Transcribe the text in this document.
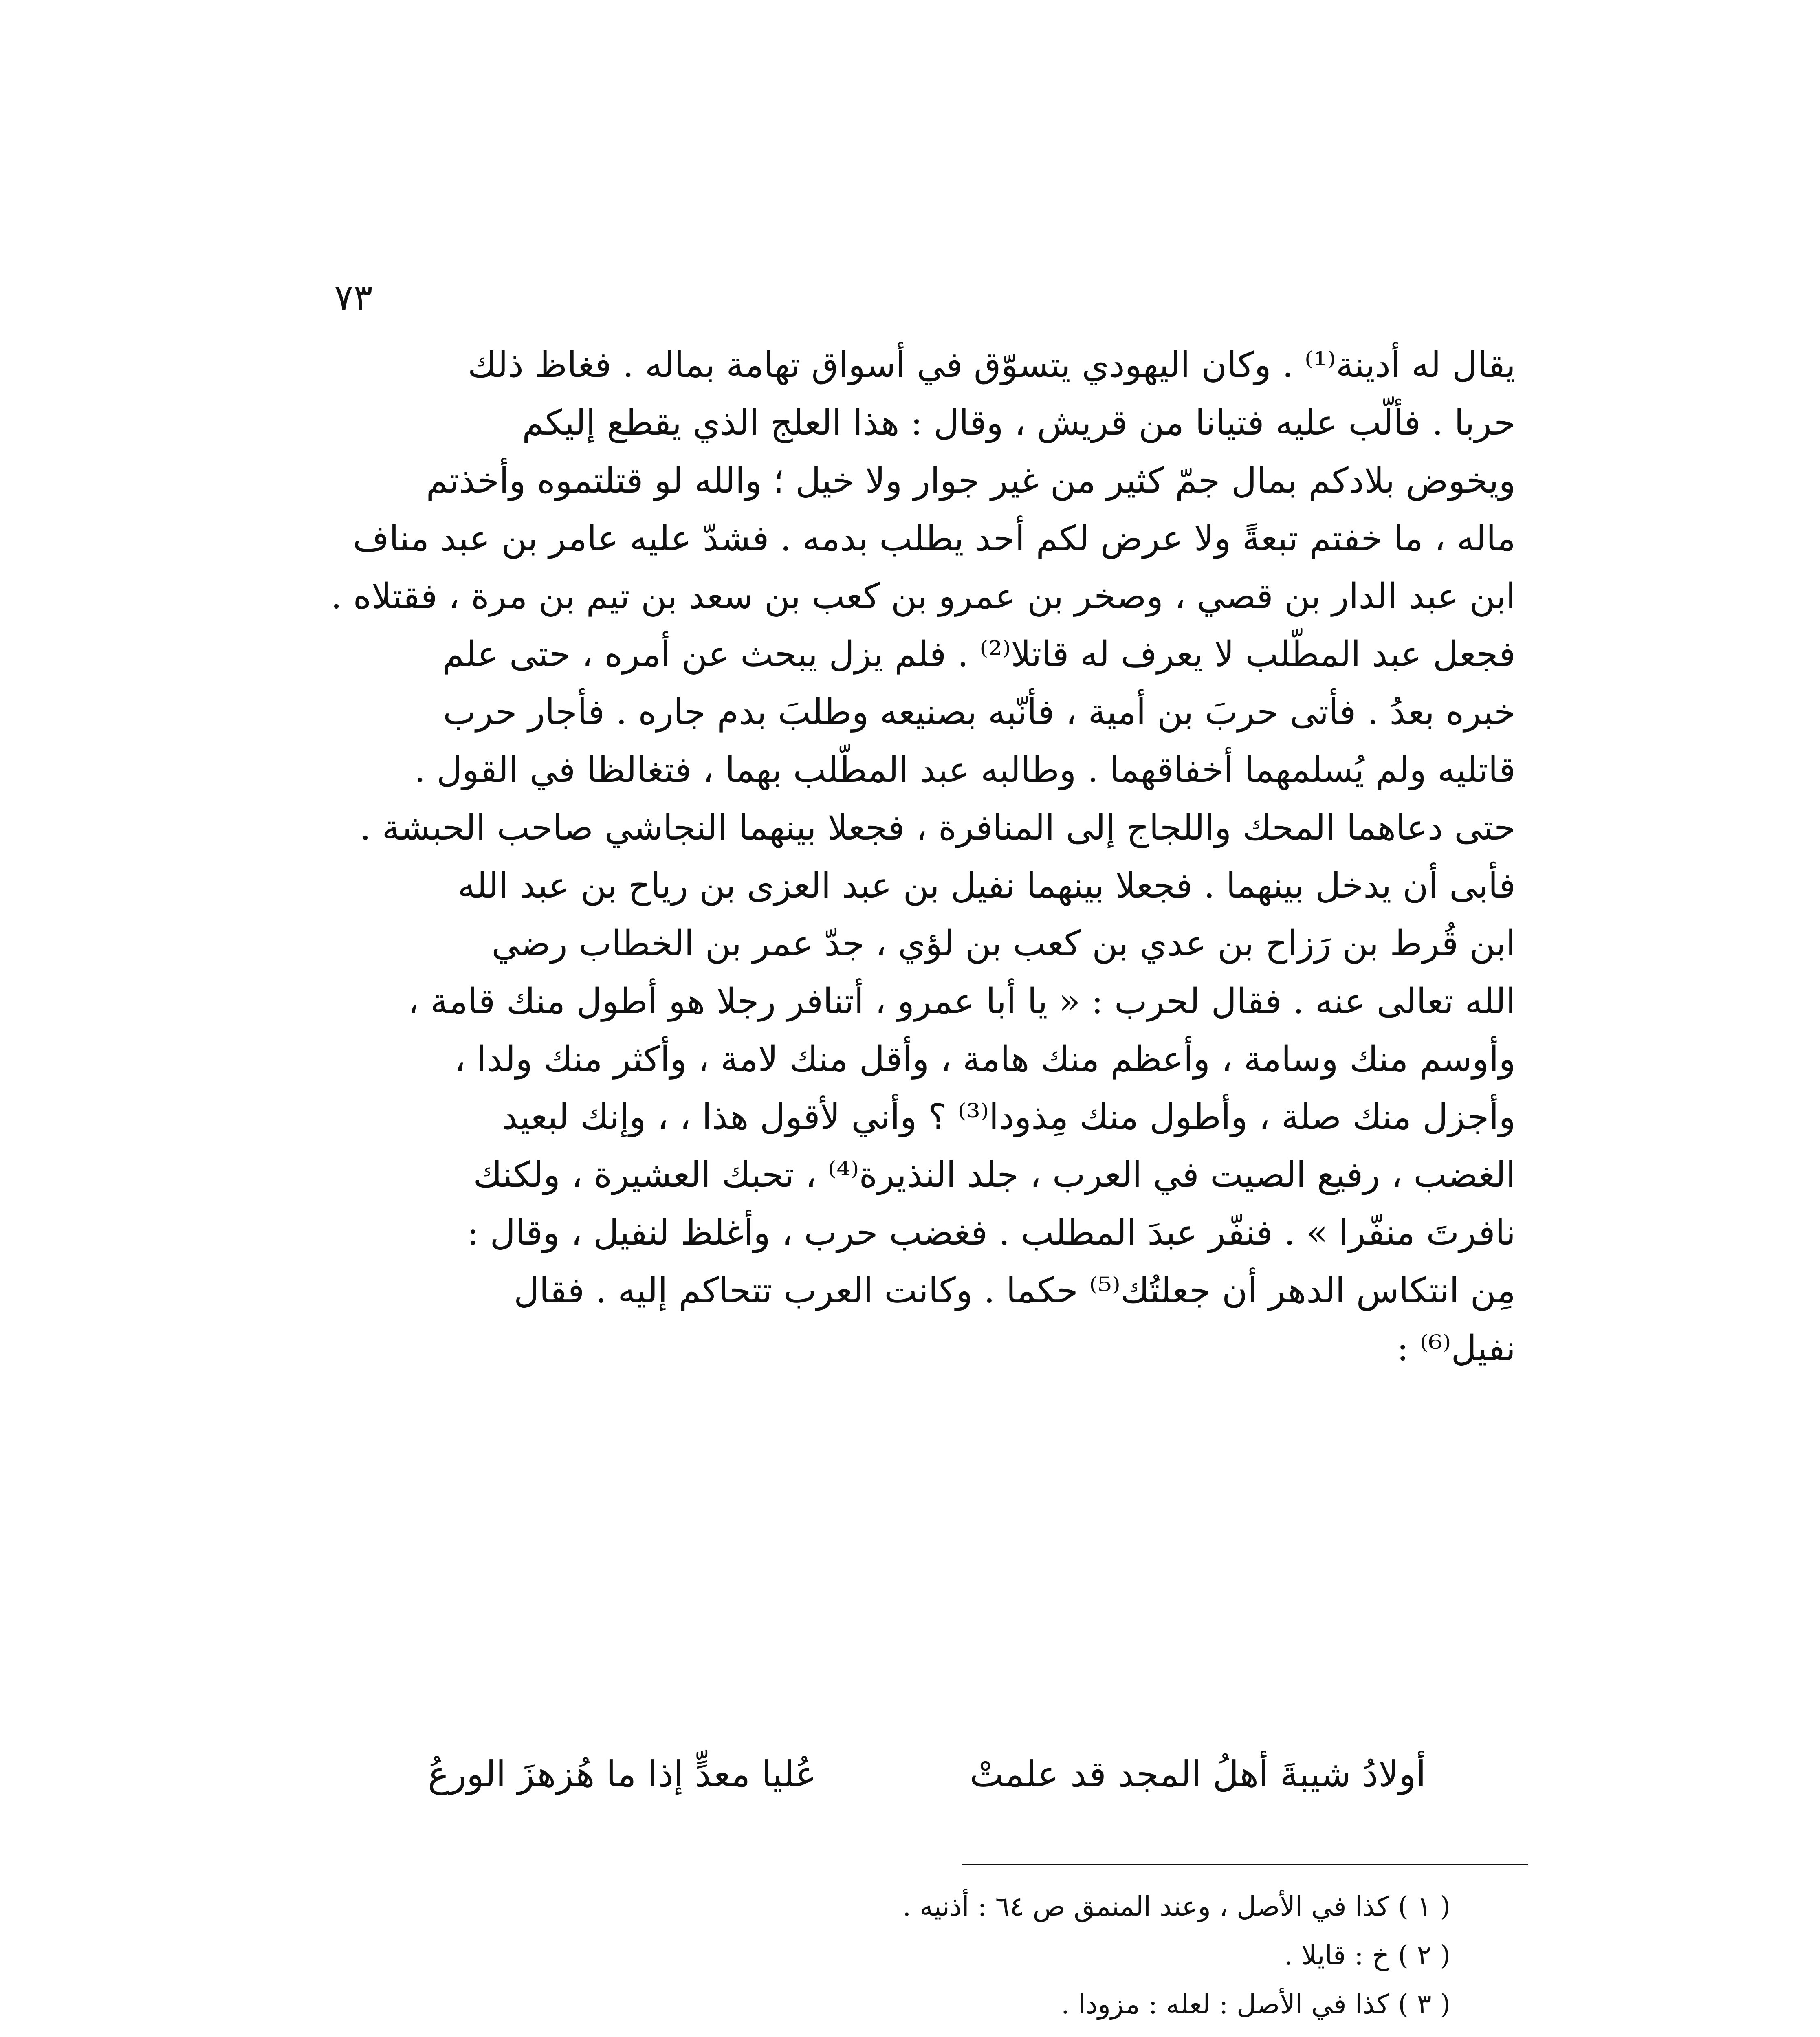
٧٣
يقال له أدينة⁽¹⁾ . وكان اليهودي يتسوّق في أسواق تهامة بماله . فغاظ ذلك
حربا . فألّب عليه فتيانا من قريش ، وقال : هذا العلج الذي يقطع إليكم
ويخوض بلادكم بمال جمّ كثير من غير جوار ولا خيل ؛ والله لو قتلتموه وأخذتم
ماله ، ما خفتم تبعةً ولا عرض لكم أحد يطلب بدمه . فشدّ عليه عامر بن عبد مناف
ابن عبد الدار بن قصي ، وصخر بن عمرو بن كعب بن سعد بن تيم بن مرة ، فقتلاه .
فجعل عبد المطّلب لا يعرف له قاتلا⁽²⁾ . فلم يزل يبحث عن أمره ، حتى علم
خبره بعدُ . فأتى حربَ بن أمية ، فأنّبه بصنيعه وطلبَ بدم جاره . فأجار حرب
قاتليه ولم يُسلمهما أخفاقهما . وطالبه عبد المطّلب بهما ، فتغالظا في القول .
حتى دعاهما المحك واللجاج إلى المنافرة ، فجعلا بينهما النجاشي صاحب الحبشة .
فأبى أن يدخل بينهما . فجعلا بينهما نفيل بن عبد العزى بن رياح بن عبد الله
ابن قُرط بن رَزاح بن عدي بن كعب بن لؤي ، جدّ عمر بن الخطاب رضي
الله تعالى عنه . فقال لحرب : « يا أبا عمرو ، أتنافر رجلا هو أطول منك قامة ،
وأوسم منك وسامة ، وأعظم منك هامة ، وأقل منك لامة ، وأكثر منك ولدا ،
وأجزل منك صلة ، وأطول منك مِذودا⁽³⁾ ؟ وأني لأقول هذا ، ، وإنك لبعيد
الغضب ، رفيع الصيت في العرب ، جلد النذيرة⁽⁴⁾ ، تحبك العشيرة ، ولكنك
نافرتَ منفّرا » . فنفّر عبدَ المطلب . فغضب حرب ، وأغلظ لنفيل ، وقال :
مِن انتكاس الدهر أن جعلتُك⁽⁵⁾ حكما . وكانت العرب تتحاكم إليه . فقال
نفيل⁽⁶⁾ :
أولادُ شيبةَ أهلُ المجد قد علمتْ
عُليا معدٍّ إذا ما هُزهزَ الورعُ
( ١ ) كذا في الأصل ، وعند المنمق ص ٦٤ : أذنيه .
( ٢ ) خ : قايلا .
( ٣ ) كذا في الأصل : لعله : مزودا .
